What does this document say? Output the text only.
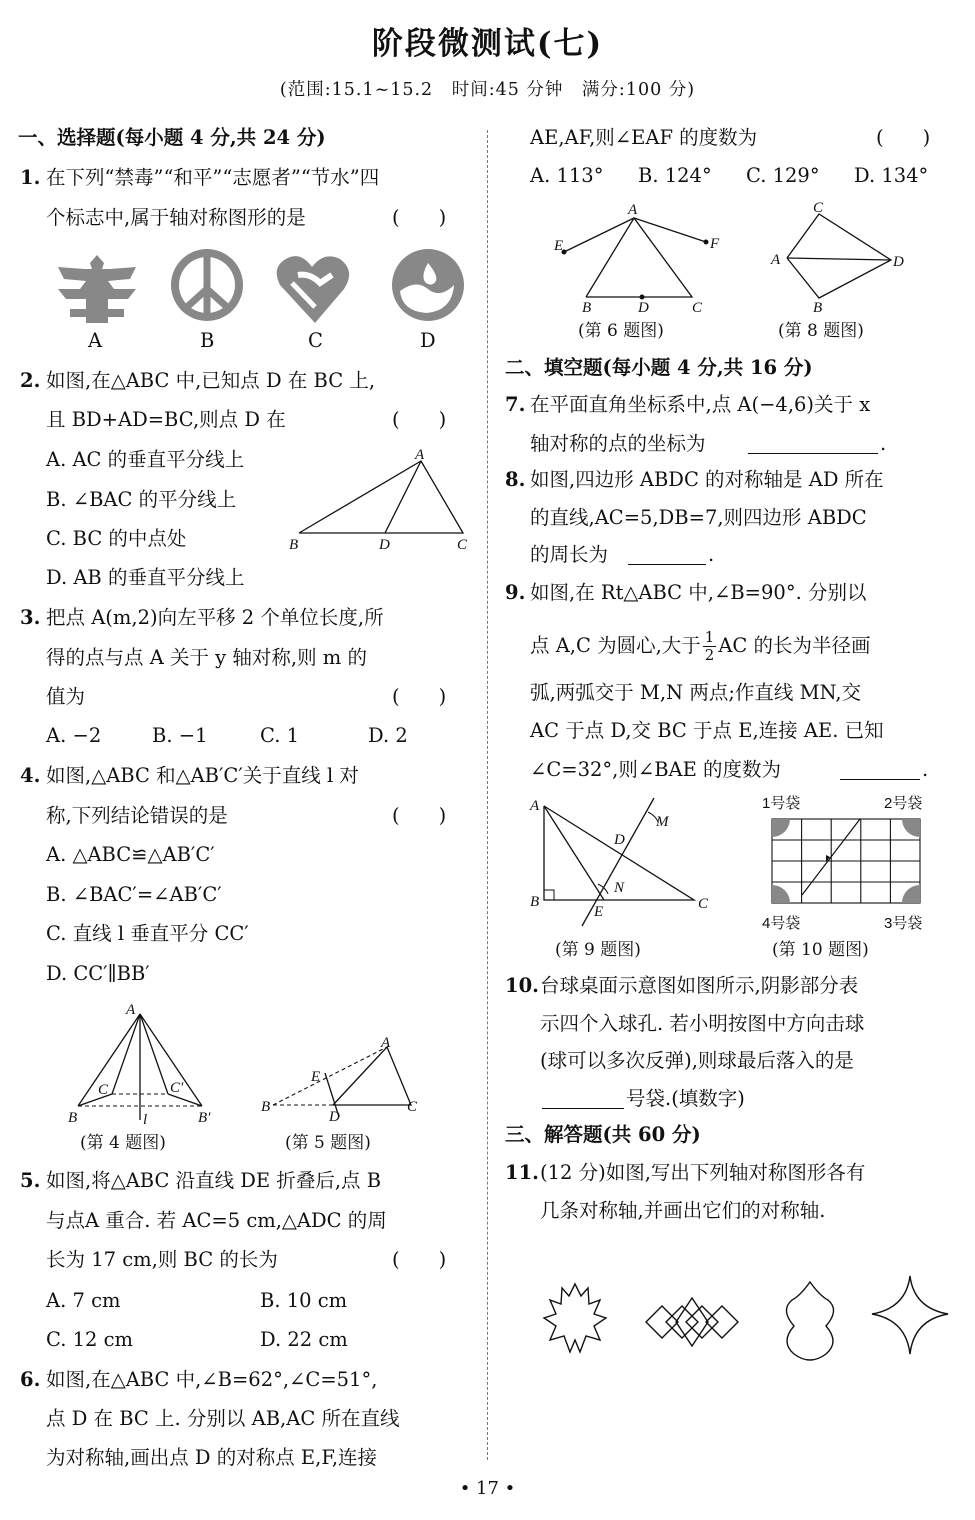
阶段微测试(七)
(范围:15.1~15.2　时间:45 分钟　满分:100 分)
一、选择题(每小题 4 分,共 24 分)
1. 在下列“禁毒”“和平”“志愿者”“节水”四
个标志中,属于轴对称图形的是	(　　)
A	B	C	D
2. 如图,在△ABC 中,已知点 D 在 BC 上,
且 BD+AD=BC,则点 D 在	(　　)
A. AC 的垂直平分线上
B. ∠BAC 的平分线上
C. BC 的中点处
D. AB 的垂直平分线上
A
B	D	C
3. 把点 A(m,2)向左平移 2 个单位长度,所
得的点与点 A 关于 y 轴对称,则 m 的
值为	(　　)
A. −2	B. −1	C. 1	D. 2
4. 如图,△ABC 和△AB′C′关于直线 l 对
称,下列结论错误的是	(　　)
A. △ABC≌△AB′C′
B. ∠BAC′=∠AB′C′
C. 直线 l 垂直平分 CC′
D. CC′∥BB′
A
C	C′
B	l	B′
(第 4 题图)
E
A
B
D
C
(第 5 题图)
5. 如图,将△ABC 沿直线 DE 折叠后,点 B
与点A 重合. 若 AC=5 cm,△ADC 的周
长为 17 cm,则 BC 的长为	(　　)
A. 7 cm	B. 10 cm
C. 12 cm	D. 22 cm
6. 如图,在△ABC 中,∠B=62°,∠C=51°,
点 D 在 BC 上. 分别以 AB,AC 所在直线
为对称轴,画出点 D 的对称点 E,F,连接
AE,AF,则∠EAF 的度数为	(　　)
A. 113° B. 124° C. 129° D. 134°
A
E	F
B	D	C
(第 6 题图)
C
A	D
B
(第 8 题图)
二、填空题(每小题 4 分,共 16 分)
7. 在平面直角坐标系中,点 A(−4,6)关于 x
轴对称的点的坐标为	.
8. 如图,四边形 ABDC 的对称轴是 AD 所在
的直线,AC=5,DB=7,则四边形 ABDC
的周长为	.
9. 如图,在 Rt△ABC 中,∠B=90°. 分别以
点 A,C 为圆心,大于 $\frac{1}{2}$ AC 的长为半径画
弧,两弧交于 M,N 两点;作直线 MN,交
AC 于点 D,交 BC 于点 E,连接 AE. 已知
∠C=32°,则∠BAE 的度数为	.
A
M
D
N
B
E	C
(第 9 题图)
1号袋	2号袋
4号袋	3号袋
(第 10 题图)
10. 台球桌面示意图如图所示,阴影部分表
示四个入球孔. 若小明按图中方向击球
(球可以多次反弹),则球最后落入的是
号袋.(填数字)
三、解答题(共 60 分)
11. (12 分)如图,写出下列轴对称图形各有
几条对称轴,并画出它们的对称轴.
• 17 •
